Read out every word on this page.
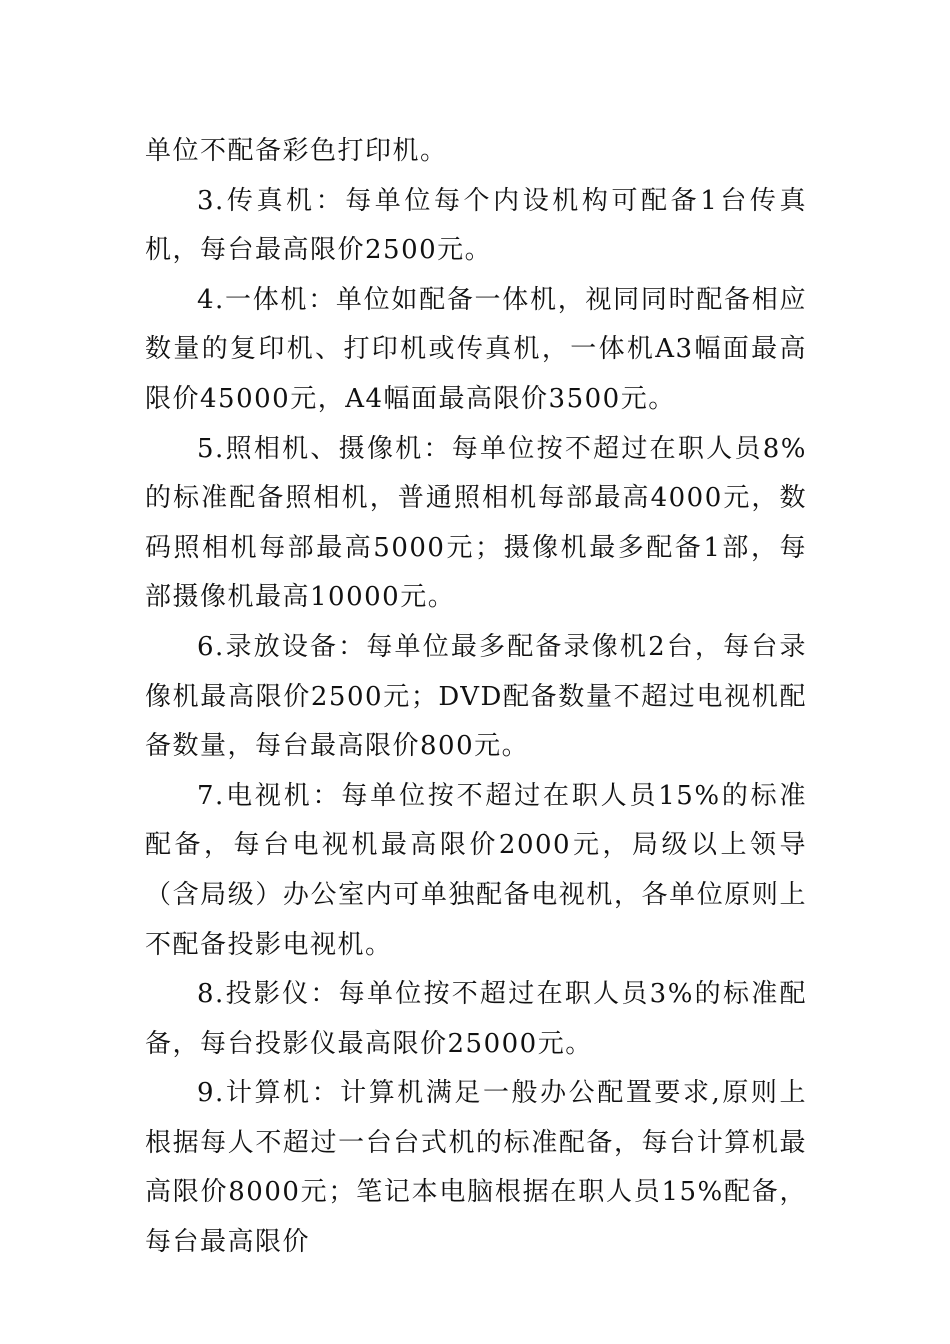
单位不配备彩色打印机。

3.传真机：每单位每个内设机构可配备1台传真机，每台最高限价2500元。

4.一体机：单位如配备一体机，视同同时配备相应数量的复印机、打印机或传真机，一体机A3幅面最高限价45000元，A4幅面最高限价3500元。

5.照相机、摄像机：每单位按不超过在职人员8%的标准配备照相机，普通照相机每部最高4000元，数码照相机每部最高5000元；摄像机最多配备1部，每部摄像机最高10000元。

6.录放设备：每单位最多配备录像机2台，每台录像机最高限价2500元；DVD配备数量不超过电视机配备数量，每台最高限价800元。

7.电视机：每单位按不超过在职人员15%的标准配备，每台电视机最高限价2000元，局级以上领导（含局级）办公室内可单独配备电视机，各单位原则上不配备投影电视机。

8.投影仪：每单位按不超过在职人员3%的标准配备，每台投影仪最高限价25000元。

9.计算机：计算机满足一般办公配置要求,原则上根据每人不超过一台台式机的标准配备，每台计算机最高限价8000元；笔记本电脑根据在职人员15%配备，每台最高限价
